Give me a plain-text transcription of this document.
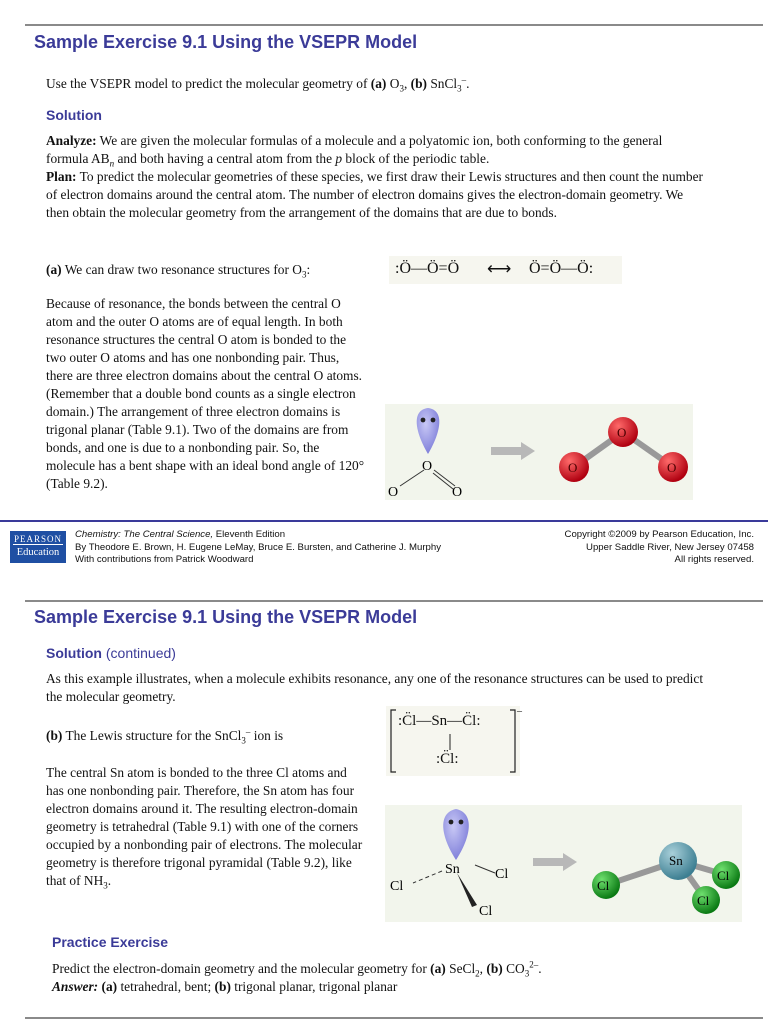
Sample Exercise 9.1 Using the VSEPR Model

Use the VSEPR model to predict the molecular geometry of (a) $O_3$, (b) SnCl$_3$–.

Solution

Analyze: We are given the molecular formulas of a molecule and a polyatomic ion, both conforming to the general formula $AB_n$ and both having a central atom from the p block of the periodic table.
Plan: To predict the molecular geometries of these species, we first draw their Lewis structures and then count the number of electron domains around the central atom. The number of electron domains gives the electron-domain geometry. We then obtain the molecular geometry from the arrangement of the domains that are due to bonds.

(a) We can draw two resonance structures for $O_3$:	:Ö—Ö=Ö ⟷ Ö=Ö—Ö:

Because of resonance, the bonds between the central O atom and the outer O atoms are of equal length. In both resonance structures the central O atom is bonded to the two outer O atoms and has one nonbonding pair. Thus, there are three electron domains about the central O atoms. (Remember that a double bond counts as a single electron domain.) The arrangement of three electron domains is trigonal planar (Table 9.1). Two of the domains are from bonds, and one is due to a nonbonding pair. So, the molecule has a bent shape with an ideal bond angle of 120° (Table 9.2).

O
O	O
O
O
O
PEARSON
Education
Chemistry: The Central Science, Eleventh Edition
By Theodore E. Brown, H. Eugene LeMay, Bruce E. Bursten, and Catherine J. Murphy
With contributions from Patrick Woodward
Copyright ©2009 by Pearson Education, Inc.
Upper Saddle River, New Jersey 07458
All rights reserved.
Sample Exercise 9.1 Using the VSEPR Model
Solution (continued)

As this example illustrates, when a molecule exhibits resonance, any one of the resonance structures can be used to predict the molecular geometry.

(b) The Lewis structure for the SnCl$_3$– ion is

–
:C̈l—Sn—C̈l:
:C̈l:

The central Sn atom is bonded to the three Cl atoms and has one nonbonding pair. Therefore, the Sn atom has four electron domains around it. The resulting electron-domain geometry is tetrahedral (Table 9.1) with one of the corners occupied by a nonbonding pair of electrons. The molecular geometry is therefore trigonal pyramidal (Table 9.2), like that of $NH_3$.

Sn
Cl
Cl
Cl
Cl
Sn
Cl
Cl
Practice Exercise

Predict the electron-domain geometry and the molecular geometry for (a) SeCl$_2$, (b) $CO_3^{2-}$.
Answer: (a) tetrahedral, bent; (b) trigonal planar, trigonal planar
